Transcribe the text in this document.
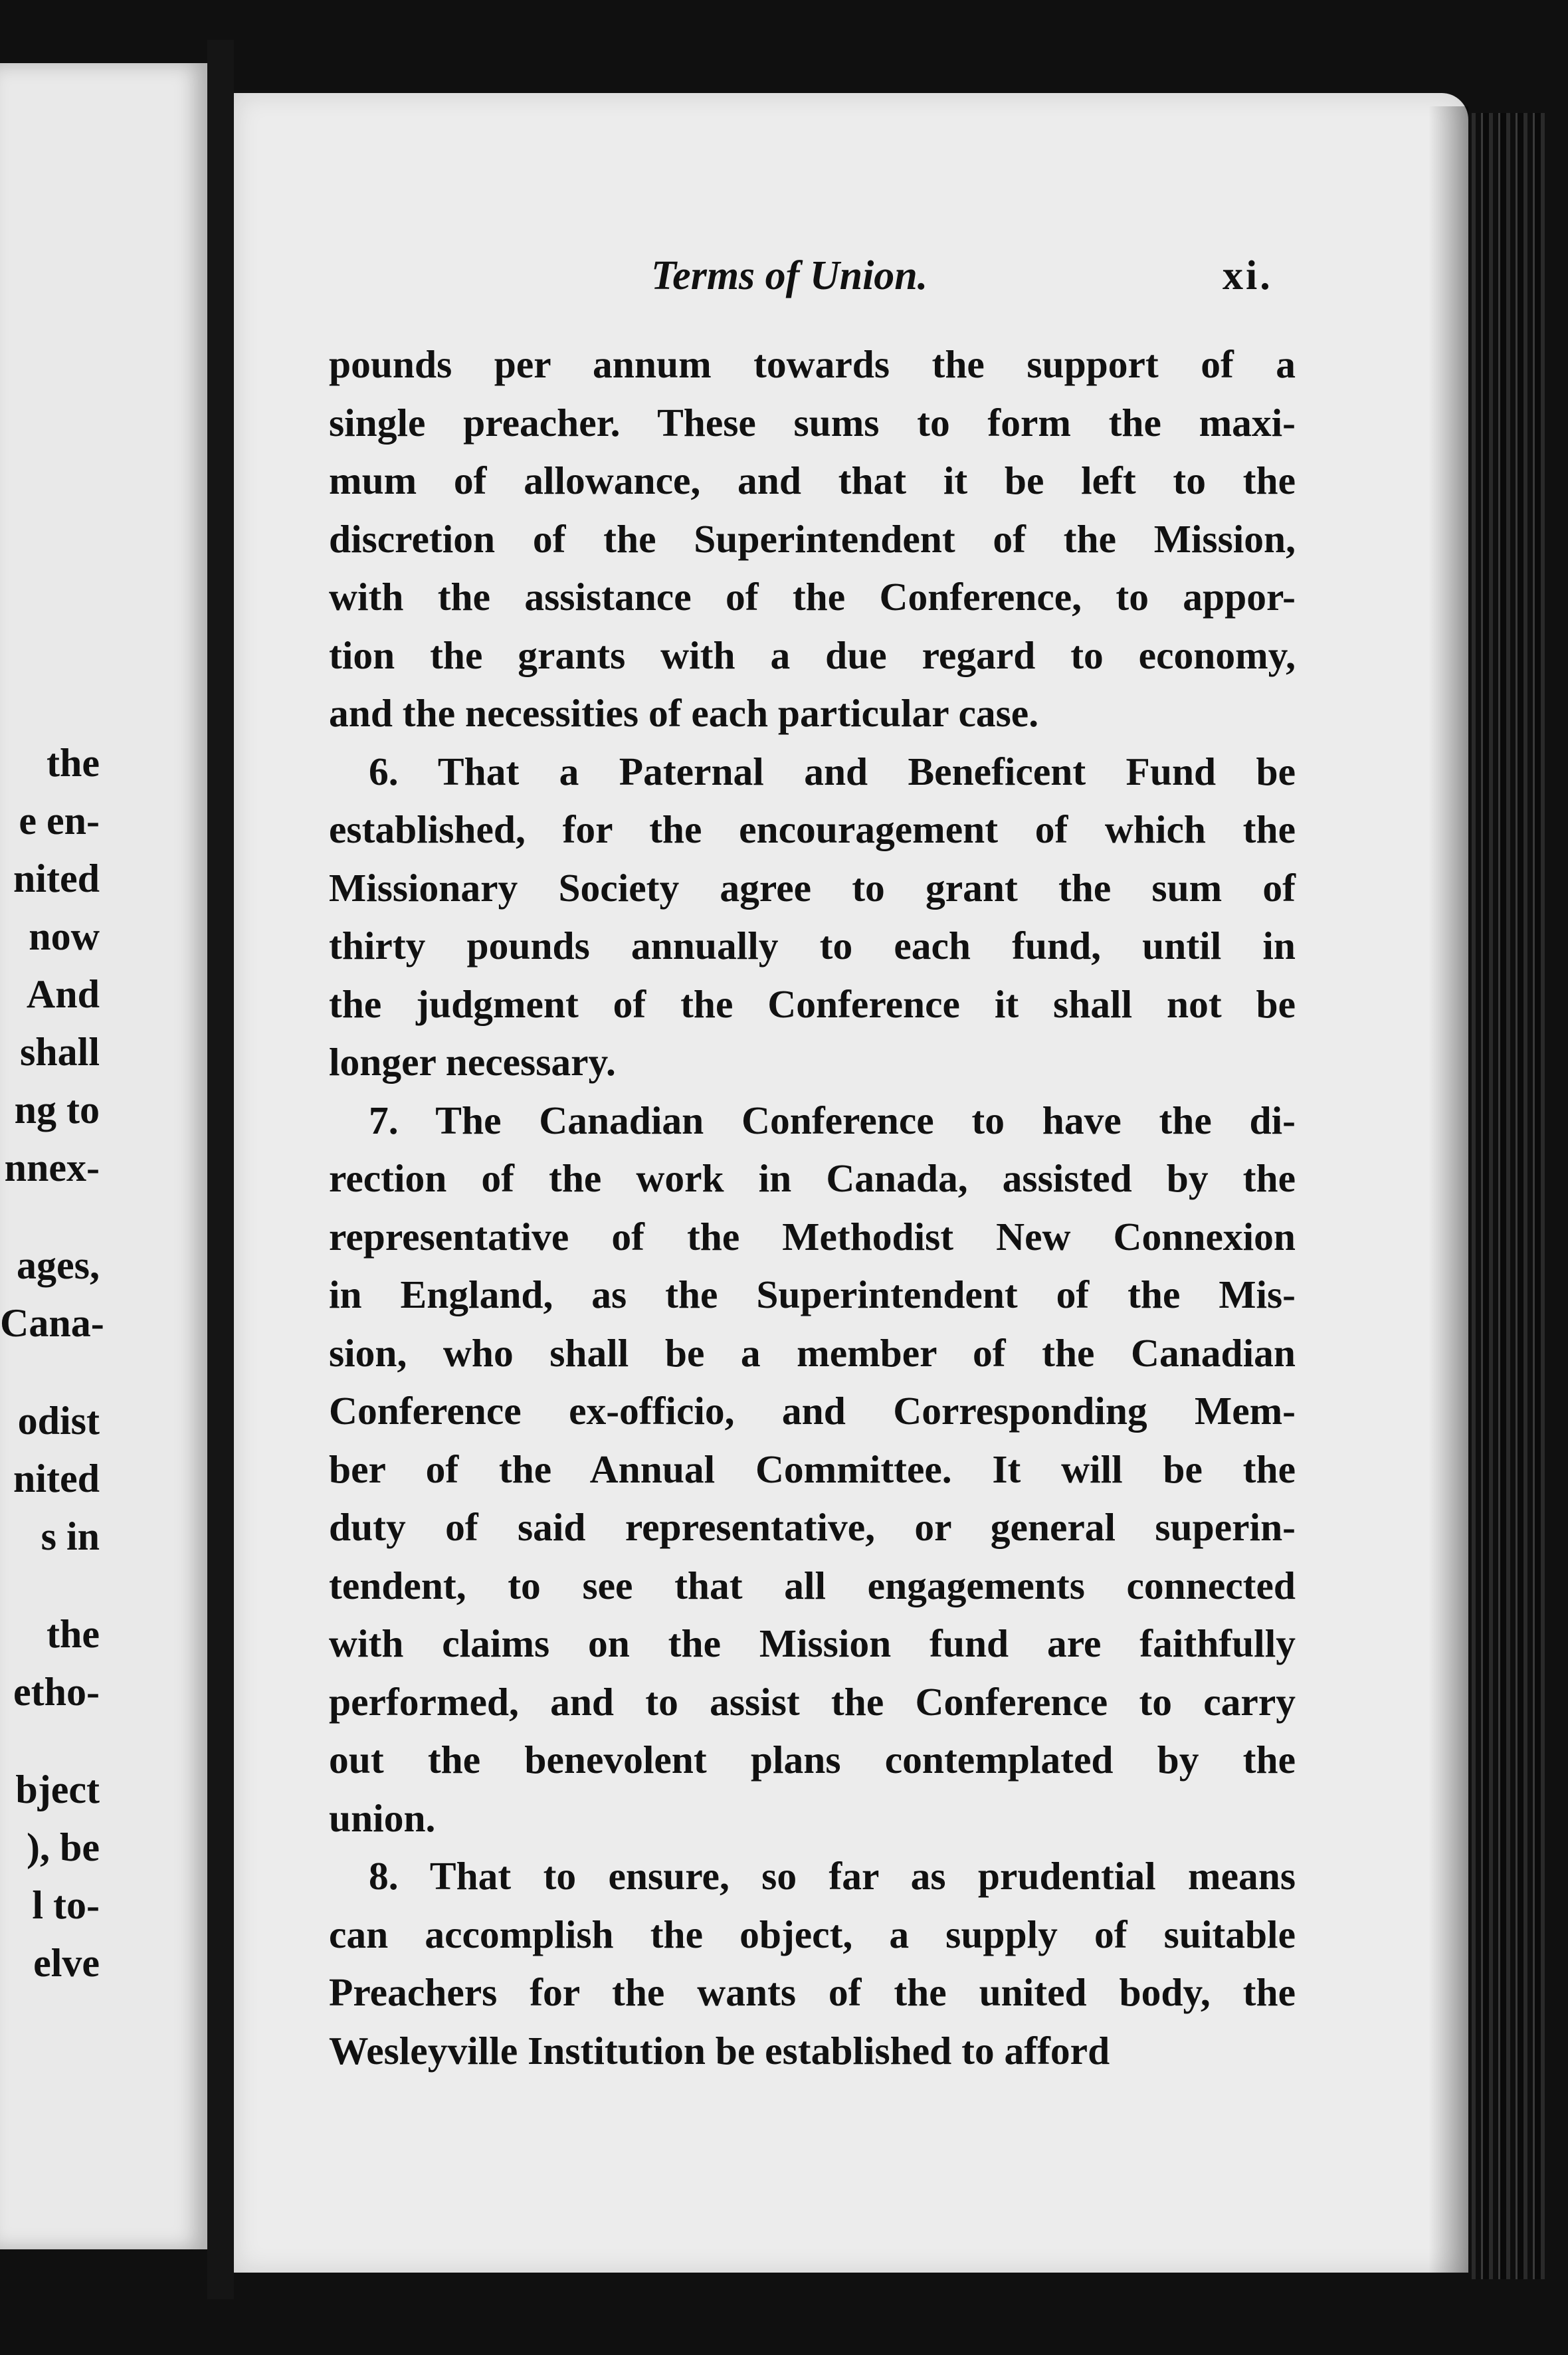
the
e en-
nited
now
And
shall
ng to
nnex-
ages,
Cana-
odist
nited
s in
the
etho-
bject
), be
l to-
elve
Terms of Union.	xi.
pounds per annum towards the support of a
single preacher. These sums to form the maxi-
mum of allowance, and that it be left to the
discretion of the Superintendent of the Mission,
with the assistance of the Conference, to appor-
tion the grants with a due regard to economy,
and the necessities of each particular case.
6. That a Paternal and Beneficent Fund be
established, for the encouragement of which the
Missionary Society agree to grant the sum of
thirty pounds annually to each fund, until in
the judgment of the Conference it shall not be
longer necessary.
7. The Canadian Conference to have the di-
rection of the work in Canada, assisted by the
representative of the Methodist New Connexion
in England, as the Superintendent of the Mis-
sion, who shall be a member of the Canadian
Conference ex-officio, and Corresponding Mem-
ber of the Annual Committee. It will be the
duty of said representative, or general superin-
tendent, to see that all engagements connected
with claims on the Mission fund are faithfully
performed, and to assist the Conference to carry
out the benevolent plans contemplated by the
union.
8. That to ensure, so far as prudential means
can accomplish the object, a supply of suitable
Preachers for the wants of the united body, the
Wesleyville Institution be established to afford
